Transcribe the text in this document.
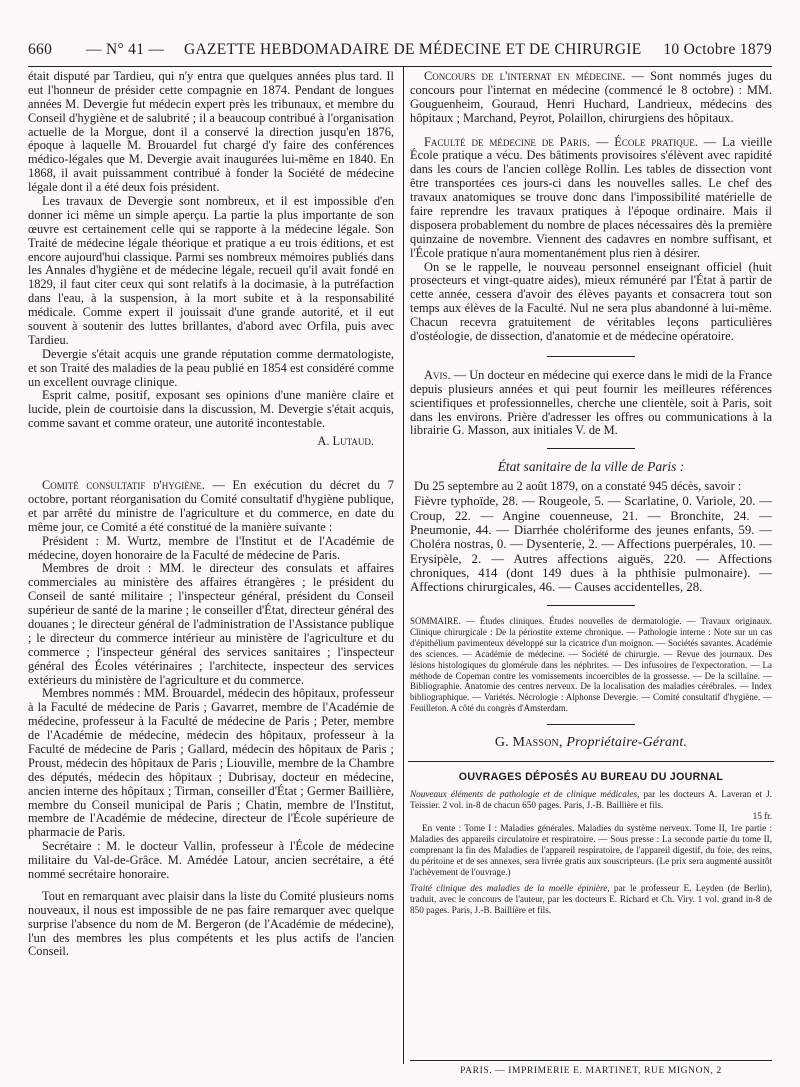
660 — N° 41 — GAZETTE HEBDOMADAIRE DE MÉDECINE ET DE CHIRURGIE 10 Octobre 1879

était disputé par Tardieu, qui n'y entra que quelques années plus tard. Il eut l'honneur de présider cette compagnie en 1874. Pendant de longues années M. Devergie fut médecin expert près les tribunaux, et membre du Conseil d'hygiène et de salubrité ; il a beaucoup contribué à l'organisation actuelle de la Morgue, dont il a conservé la direction jusqu'en 1876, époque à laquelle M. Brouardel fut chargé d'y faire des conférences médico-légales que M. Devergie avait inaugurées lui-même en 1840. En 1868, il avait puissamment contribué à fonder la Société de médecine légale dont il a été deux fois président.

Les travaux de Devergie sont nombreux, et il est impossible d'en donner ici même un simple aperçu. La partie la plus importante de son œuvre est certainement celle qui se rapporte à la médecine légale. Son Traité de médecine légale théorique et pratique a eu trois éditions, et est encore aujourd'hui classique. Parmi ses nombreux mémoires publiés dans les Annales d'hygiène et de médecine légale, recueil qu'il avait fondé en 1829, il faut citer ceux qui sont relatifs à la docimasie, à la putréfaction dans l'eau, à la suspension, à la mort subite et à la responsabilité médicale. Comme expert il jouissait d'une grande autorité, et il eut souvent à soutenir des luttes brillantes, d'abord avec Orfila, puis avec Tardieu.

Devergie s'était acquis une grande réputation comme dermatologiste, et son Traité des maladies de la peau publié en 1854 est considéré comme un excellent ouvrage clinique.

Esprit calme, positif, exposant ses opinions d'une manière claire et lucide, plein de courtoisie dans la discussion, M. Devergie s'était acquis, comme savant et comme orateur, une autorité incontestable.

A. Lutaud.

Comité consultatif d'hygiène. — En exécution du décret du 7 octobre, portant réorganisation du Comité consultatif d'hygiène publique, et par arrêté du ministre de l'agriculture et du commerce, en date du même jour, ce Comité a été constitué de la manière suivante :

Président : M. Wurtz, membre de l'Institut et de l'Académie de médecine, doyen honoraire de la Faculté de médecine de Paris.

Membres de droit : MM. le directeur des consulats et affaires commerciales au ministère des affaires étrangères ; le président du Conseil de santé militaire ; l'inspecteur général, président du Conseil supérieur de santé de la marine ; le conseiller d'État, directeur général des douanes ; le directeur général de l'administration de l'Assistance publique ; le directeur du commerce intérieur au ministère de l'agriculture et du commerce ; l'inspecteur général des services sanitaires ; l'inspecteur général des Écoles vétérinaires ; l'architecte, inspecteur des services extérieurs du ministère de l'agriculture et du commerce.

Membres nommés : MM. Brouardel, médecin des hôpitaux, professeur à la Faculté de médecine de Paris ; Gavarret, membre de l'Académie de médecine, professeur à la Faculté de médecine de Paris ; Peter, membre de l'Académie de médecine, médecin des hôpitaux, professeur à la Faculté de médecine de Paris ; Gallard, médecin des hôpitaux de Paris ; Proust, médecin des hôpitaux de Paris ; Liouville, membre de la Chambre des députés, médecin des hôpitaux ; Dubrisay, docteur en médecine, ancien interne des hôpitaux ; Tirman, conseiller d'État ; Germer Baillière, membre du Conseil municipal de Paris ; Chatin, membre de l'Institut, membre de l'Académie de médecine, directeur de l'École supérieure de pharmacie de Paris.

Secrétaire : M. le docteur Vallin, professeur à l'École de médecine militaire du Val-de-Grâce. M. Amédée Latour, ancien secrétaire, a été nommé secrétaire honoraire.

Tout en remarquant avec plaisir dans la liste du Comité plusieurs noms nouveaux, il nous est impossible de ne pas faire remarquer avec quelque surprise l'absence du nom de M. Bergeron (de l'Académie de médecine), l'un des membres les plus compétents et les plus actifs de l'ancien Conseil.

Concours de l'internat en médecine. — Sont nommés juges du concours pour l'internat en médecine (commencé le 8 octobre) : MM. Gouguenheim, Gouraud, Henri Huchard, Landrieux, médecins des hôpitaux ; Marchand, Peyrot, Polaillon, chirurgiens des hôpitaux.

Faculté de médecine de Paris. — École pratique. — La vieille École pratique a vécu. Des bâtiments provisoires s'élèvent avec rapidité dans les cours de l'ancien collège Rollin. Les tables de dissection vont être transportées ces jours-ci dans les nouvelles salles. Le chef des travaux anatomiques se trouve donc dans l'impossibilité matérielle de faire reprendre les travaux pratiques à l'époque ordinaire. Mais il disposera probablement du nombre de places nécessaires dès la première quinzaine de novembre. Viennent des cadavres en nombre suffisant, et l'École pratique n'aura momentanément plus rien à désirer.

On se le rappelle, le nouveau personnel enseignant officiel (huit prosecteurs et vingt-quatre aides), mieux rémunéré par l'État à partir de cette année, cessera d'avoir des élèves payants et consacrera tout son temps aux élèves de la Faculté. Nul ne sera plus abandonné à lui-même. Chacun recevra gratuitement de véritables leçons particulières d'ostéologie, de dissection, d'anatomie et de médecine opératoire.

Avis. — Un docteur en médecine qui exerce dans le midi de la France depuis plusieurs années et qui peut fournir les meilleures références scientifiques et professionnelles, cherche une clientèle, soit à Paris, soit dans les environs. Prière d'adresser les offres ou communications à la librairie G. Masson, aux initiales V. de M.

État sanitaire de la ville de Paris :

Du 25 septembre au 2 août 1879, on a constaté 945 décès, savoir :

Fièvre typhoïde, 28. — Rougeole, 5. — Scarlatine, 0. Variole, 20. — Croup, 22. — Angine couenneuse, 21. — Bronchite, 24. — Pneumonie, 44. — Diarrhée cholériforme des jeunes enfants, 59. — Choléra nostras, 0. — Dysenterie, 2. — Affections puerpérales, 10. — Erysipèle, 2. — Autres affections aiguës, 220. — Affections chroniques, 414 (dont 149 dues à la phthisie pulmonaire). — Affections chirurgicales, 46. — Causes accidentelles, 28.

SOMMAIRE. — Études cliniques. Études nouvelles de dermatologie. — Travaux originaux. Clinique chirurgicale : De la périostite externe chronique. — Pathologie interne : Note sur un cas d'épithélium pavimenteux développé sur la cicatrice d'un moignon. — Sociétés savantes. Académie des sciences. — Académie de médecine. — Société de chirurgie. — Revue des journaux. Des lésions histologiques du glomérule dans les néphrites. — Des infusoires de l'expectoration. — La méthode de Copeman contre les vomissements incoercibles de la grossesse. — De la scillaïne. — Bibliographie. Anatomie des centres nerveux. De la localisation des maladies cérébrales. — Index bibliographique. — Variétés. Nécrologie : Alphonse Devergie. — Comité consultatif d'hygiène. — Feuilleton. A côté du congrès d'Amsterdam.
G. Masson, Propriétaire-Gérant.
OUVRAGES DÉPOSÉS AU BUREAU DU JOURNAL

Nouveaux éléments de pathologie et de clinique médicales, par les docteurs A. Laveran et J. Teissier. 2 vol. in-8 de chacun 650 pages. Paris, J.-B. Baillière et fils.

15 fr.

En vente : Tome I : Maladies générales. Maladies du système nerveux. Tome II, 1re partie : Maladies des appareils circulatoire et respiratoire. — Sous presse : La seconde partie du tome II, comprenant la fin des Maladies de l'appareil respiratoire, de l'appareil digestif, du foie, des reins, du péritoine et de ses annexes, sera livrée gratis aux souscripteurs. (Le prix sera augmenté aussitôt l'achèvement de l'ouvrage.)

Traité clinique des maladies de la moelle épinière, par le professeur E. Leyden (de Berlin), traduit, avec le concours de l'auteur, par les docteurs E. Richard et Ch. Viry. 1 vol. grand in-8 de 850 pages. Paris, J.-B. Baillière et fils.

PARIS. — IMPRIMERIE E. MARTINET, RUE MIGNON, 2
